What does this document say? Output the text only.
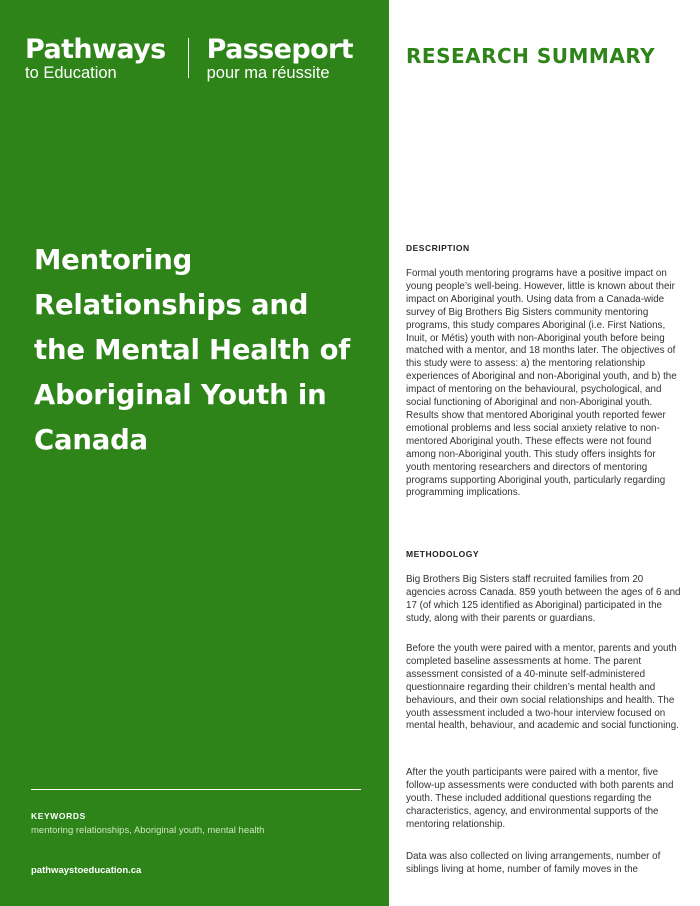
Pathways
to Education
Passeport
pour ma réussite
Mentoring
Relationships and
the Mental Health of
Aboriginal Youth in
Canada
KEYWORDS
mentoring relationships, Aboriginal youth, mental health
pathwaystoeducation.ca
RESEARCH SUMMARY
DESCRIPTION

Formal youth mentoring programs have a positive impact on young people’s well-being. However, little is known about their impact on Aboriginal youth. Using data from a Canada-wide survey of Big Brothers Big Sisters community mentoring programs, this study compares Aboriginal (i.e. First Nations, Inuit, or Métis) youth with non-Aboriginal youth before being matched with a mentor, and 18 months later. The objectives of this study were to assess: a) the mentoring relationship experiences of Aboriginal and non-Aboriginal youth, and b) the impact of mentoring on the behavioural, psychological, and social functioning of Aboriginal and non-Aboriginal youth. Results show that mentored Aboriginal youth reported fewer emotional problems and less social anxiety relative to non-mentored Aboriginal youth. These effects were not found among non-Aboriginal youth. This study offers insights for youth mentoring researchers and directors of mentoring programs supporting Aboriginal youth, particularly regarding programming implications.

METHODOLOGY

Big Brothers Big Sisters staff recruited families from 20 agencies across Canada. 859 youth between the ages of 6 and 17 (of which 125 identified as Aboriginal) participated in the study, along with their parents or guardians.

Before the youth were paired with a mentor, parents and youth completed baseline assessments at home. The parent assessment consisted of a 40-minute self-administered questionnaire regarding their children’s mental health and behaviours, and their own social relationships and health. The youth assessment included a two-hour interview focused on mental health, behaviour, and academic and social functioning.

After the youth participants were paired with a mentor, five follow-up assessments were conducted with both parents and youth. These included additional questions regarding the characteristics, agency, and environmental supports of the mentoring relationship.

Data was also collected on living arrangements, number of siblings living at home, number of family moves in the
